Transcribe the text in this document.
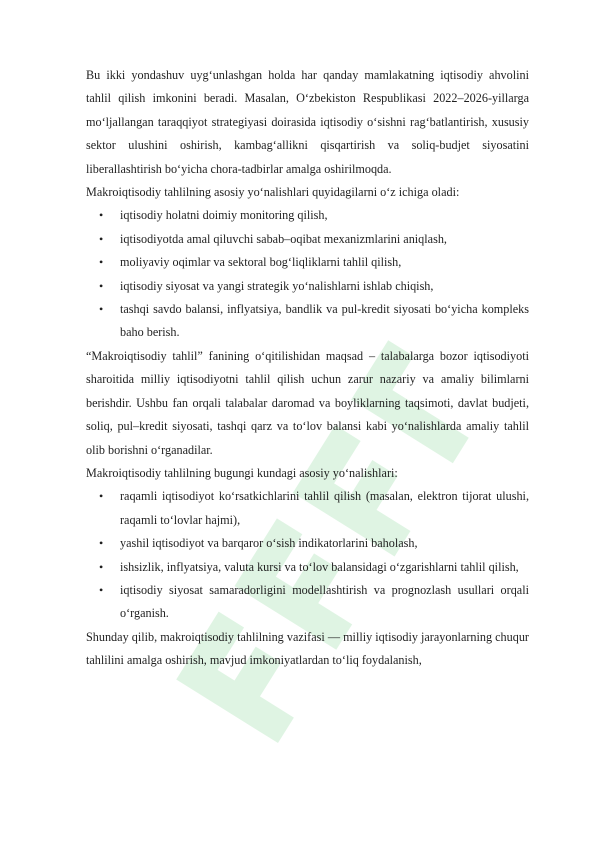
Bu ikki yondashuv uyg‘unlashgan holda har qanday mamlakatning iqtisodiy ahvolini tahlil qilish imkonini beradi. Masalan, O‘zbekiston Respublikasi 2022–2026-yillarga mo‘ljallangan taraqqiyot strategiyasi doirasida iqtisodiy o‘sishni rag‘batlantirish, xususiy sektor ulushini oshirish, kambag‘allikni qisqartirish va soliq-budjet siyosatini liberallashtirish bo‘yicha chora-tadbirlar amalga oshirilmoqda.

Makroiqtisodiy tahlilning asosiy yo‘nalishlari quyidagilarni o‘z ichiga oladi:

• iqtisodiy holatni doimiy monitoring qilish,
• iqtisodiyotda amal qiluvchi sabab–oqibat mexanizmlarini aniqlash,
• moliyaviy oqimlar va sektoral bog‘liqliklarni tahlil qilish,
• iqtisodiy siyosat va yangi strategik yo‘nalishlarni ishlab chiqish,
• tashqi savdo balansi, inflyatsiya, bandlik va pul-kredit siyosati bo‘yicha kompleks baho berish.

“Makroiqtisodiy tahlil” fanining o‘qitilishidan maqsad – talabalarga bozor iqtisodiyoti sharoitida milliy iqtisodiyotni tahlil qilish uchun zarur nazariy va amaliy bilimlarni berishdir. Ushbu fan orqali talabalar daromad va boyliklarning taqsimoti, davlat budjeti, soliq, pul–kredit siyosati, tashqi qarz va to‘lov balansi kabi yo‘nalishlarda amaliy tahlil olib borishni o‘rganadilar.

Makroiqtisodiy tahlilning bugungi kundagi asosiy yo‘nalishlari:

• raqamli iqtisodiyot ko‘rsatkichlarini tahlil qilish (masalan, elektron tijorat ulushi, raqamli to‘lovlar hajmi),
• yashil iqtisodiyot va barqaror o‘sish indikatorlarini baholash,
• ishsizlik, inflyatsiya, valuta kursi va to‘lov balansidagi o‘zgarishlarni tahlil qilish,
• iqtisodiy siyosat samaradorligini modellashtirish va prognozlash usullari orqali o‘rganish.

Shunday qilib, makroiqtisodiy tahlilning vazifasi — milliy iqtisodiy jarayonlarning chuqur tahlilini amalga oshirish, mavjud imkoniyatlardan to‘liq foydalanish,
